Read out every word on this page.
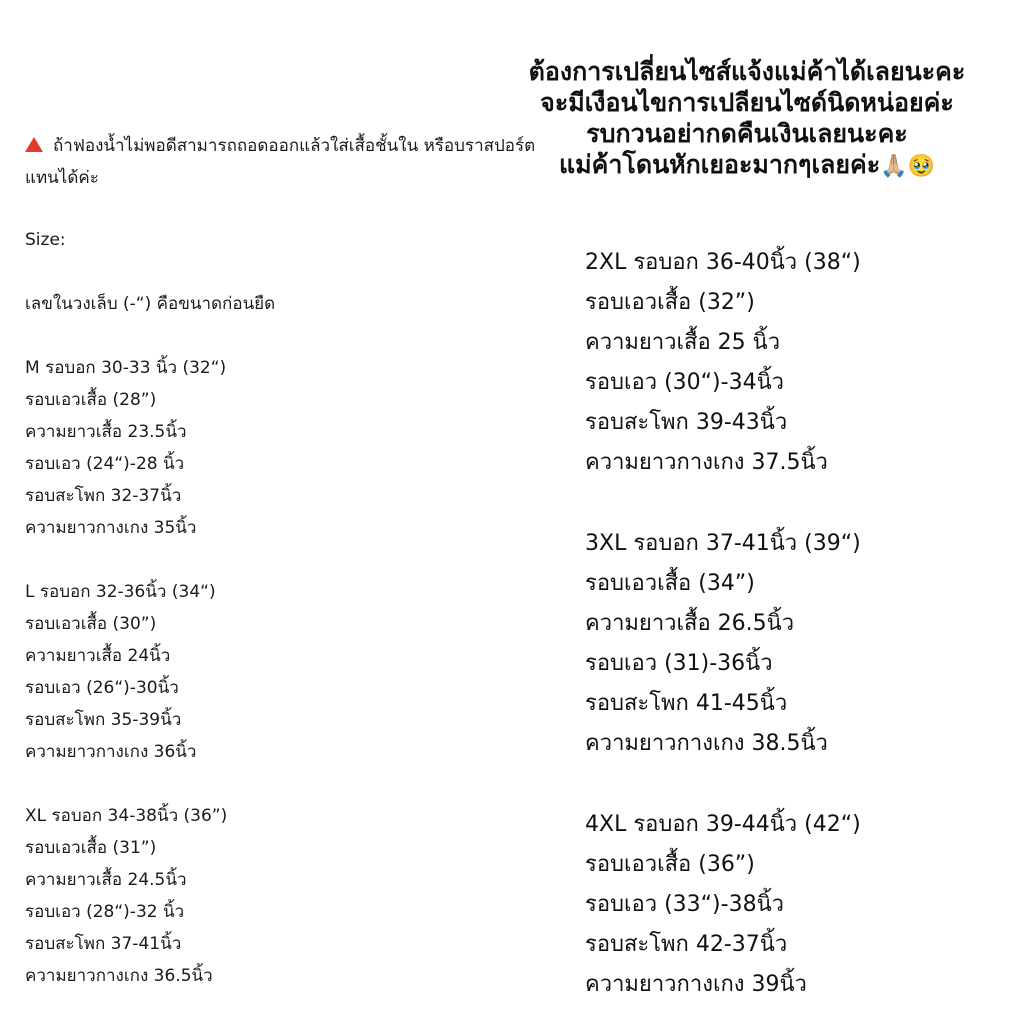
ต้องการเปลี่ยนไซส์แจ้งแม่ค้าได้เลยนะคะ
จะมีเงือนไขการเปลียนไซด์นิดหน่อยค่ะ
รบกวนอย่ากดคืนเงินเลยนะคะ
แม่ค้าโดนหักเยอะมากๆเลยค่ะ🙏🏼🥹
ถ้าฟองน้ำไม่พอดีสามารถถอดออกแล้วใส่เสื้อชั้นใน หรือบราสปอร์ต แทนได้ค่ะ
Size:
เลขในวงเล็บ (-“) คือขนาดก่อนยืด
M รอบอก 30-33 นิ้ว (32“)
รอบเอวเสื้อ (28”)
ความยาวเสื้อ 23.5นิ้ว
รอบเอว (24“)-28 นิ้ว
รอบสะโพก 32-37นิ้ว
ความยาวกางเกง 35นิ้ว
L รอบอก 32-36นิ้ว (34“)
รอบเอวเสื้อ (30”)
ความยาวเสื้อ 24นิ้ว
รอบเอว (26“)-30นิ้ว
รอบสะโพก 35-39นิ้ว
ความยาวกางเกง 36นิ้ว
XL รอบอก 34-38นิ้ว (36”)
รอบเอวเสื้อ (31”)
ความยาวเสื้อ 24.5นิ้ว
รอบเอว (28“)-32 นิ้ว
รอบสะโพก 37-41นิ้ว
ความยาวกางเกง 36.5นิ้ว
2XL รอบอก 36-40นิ้ว (38“)
รอบเอวเสื้อ (32”)
ความยาวเสื้อ 25 นิ้ว
รอบเอว (30“)-34นิ้ว
รอบสะโพก 39-43นิ้ว
ความยาวกางเกง 37.5นิ้ว
3XL รอบอก 37-41นิ้ว (39“)
รอบเอวเสื้อ (34”)
ความยาวเสื้อ 26.5นิ้ว
รอบเอว (31)-36นิ้ว
รอบสะโพก 41-45นิ้ว
ความยาวกางเกง 38.5นิ้ว
4XL รอบอก 39-44นิ้ว (42“)
รอบเอวเสื้อ (36”)
รอบเอว (33“)-38นิ้ว
รอบสะโพก 42-37นิ้ว
ความยาวกางเกง 39นิ้ว
